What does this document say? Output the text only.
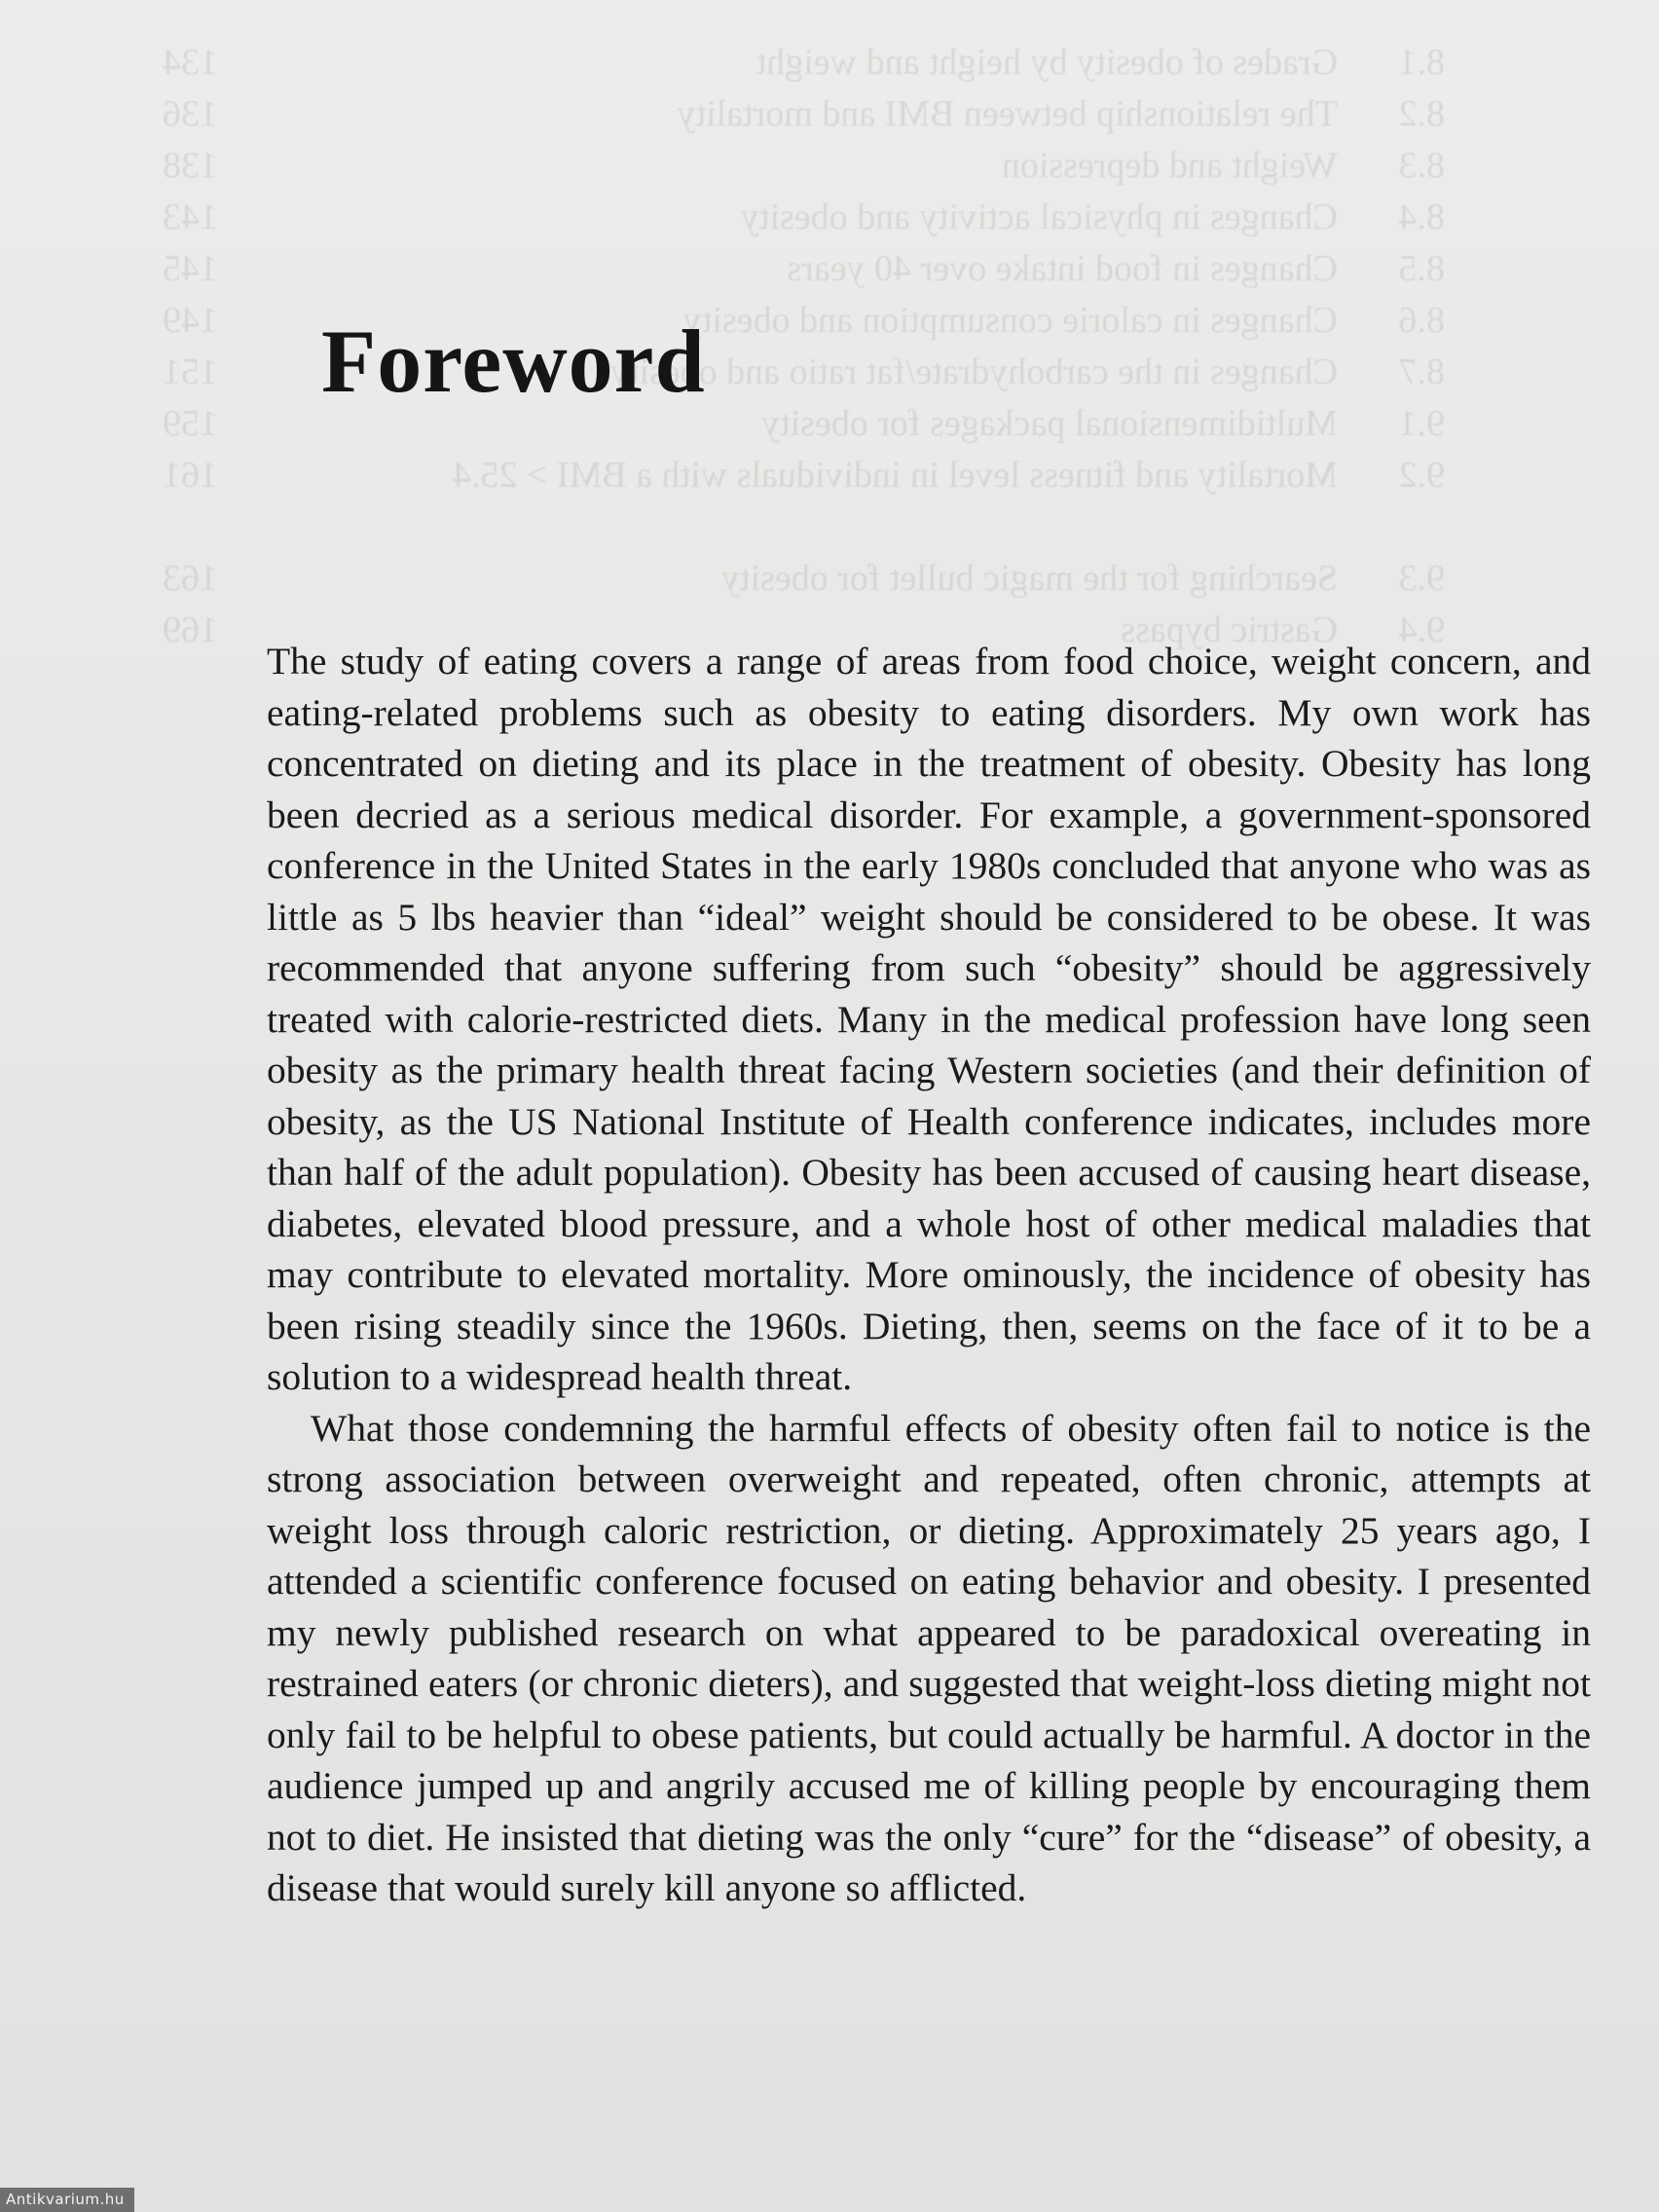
8.1
Grades of obesity by height and weight
134
8.2
The relationship between BMI and mortality
136
8.3
Weight and depression
138
8.4
Changes in physical activity and obesity
143
8.5
Changes in food intake over 40 years
145
8.6
Changes in calorie consumption and obesity
149
8.7
Changes in the carbohydrate/fat ratio and obesity
151
9.1
Multidimensional packages for obesity
159
9.2
Mortality and fitness level in individuals with a BMI > 25.4
161
9.3
Searching for the magic bullet for obesity
163
9.4
Gastric bypass
169
Foreword

The study of eating covers a range of areas from food choice, weight concern, and eating-related problems such as obesity to eating disorders. My own work has concentrated on dieting and its place in the treatment of obesity. Obesity has long been decried as a serious medical disorder. For example, a government-sponsored conference in the United States in the early 1980s concluded that anyone who was as little as 5 lbs heavier than “ideal” weight should be considered to be obese. It was recommended that anyone suffering from such “obesity” should be aggressively treated with calorie-restricted diets. Many in the medical profession have long seen obesity as the primary health threat facing Western societies (and their definition of obesity, as the US National Institute of Health conference indicates, includes more than half of the adult population). Obesity has been accused of causing heart disease, diabetes, elevated blood pressure, and a whole host of other medical maladies that may contribute to elevated mortality. More ominously, the incidence of obesity has been rising steadily since the 1960s. Dieting, then, seems on the face of it to be a solution to a widespread health threat.

What those condemning the harmful effects of obesity often fail to notice is the strong association between overweight and repeated, often chronic, attempts at weight loss through caloric restriction, or dieting. Approximately 25 years ago, I attended a scientific conference focused on eating behavior and obesity. I presented my newly published research on what appeared to be paradoxical overeating in restrained eaters (or chronic dieters), and suggested that weight-loss dieting might not only fail to be helpful to obese patients, but could actually be harmful. A doctor in the audience jumped up and angrily accused me of killing people by encouraging them not to diet. He insisted that dieting was the only “cure” for the “disease” of obesity, a disease that would surely kill anyone so afflicted.

Antikvarium.hu
